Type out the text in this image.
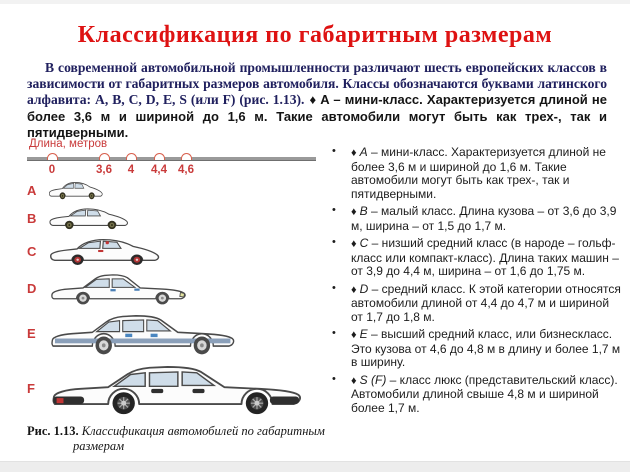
Классификация по габаритным размерам

В современной автомобильной промышленности различают шесть европейских классов в зависимости от габаритных размеров автомобиля. Классы обозначаются буквами латинского алфавита: A, B, C, D, E, S (или F) (рис. 1.13). ♦ A – мини-класс. Характеризуется длиной не более 3,6 м и шириной до 1,6 м. Такие автомобили могут быть как трех-, так и пятидверными.

Длина, метров
0	3,6 4 4,4 4,6
A
B
C
D
E
F
Рис. 1.13. Классификация автомобилей по габаритным размерам
• ♦ A – мини-класс. Характеризуется длиной не более 3,6 м и шириной до 1,6 м. Такие автомобили могут быть как трех-, так и пятидверными.
• ♦ B – малый класс. Длина кузова – от 3,6 до 3,9 м, ширина – от 1,5 до 1,7 м.
• ♦ C – низший средний класс (в народе – гольф-класс или компакт-класс). Длина таких машин – от 3,9 до 4,4 м, ширина – от 1,6 до 1,75 м.
• ♦ D – средний класс. К этой категории относятся автомобили длиной от 4,4 до 4,7 м и шириной от 1,7 до 1,8 м.
• ♦ E – высший средний класс, или бизнескласс. Это кузова от 4,6 до 4,8 м в длину и более 1,7 м в ширину.
• ♦ S (F) – класс люкс (представительский класс). Автомобили длиной свыше 4,8 м и шириной более 1,7 м.
